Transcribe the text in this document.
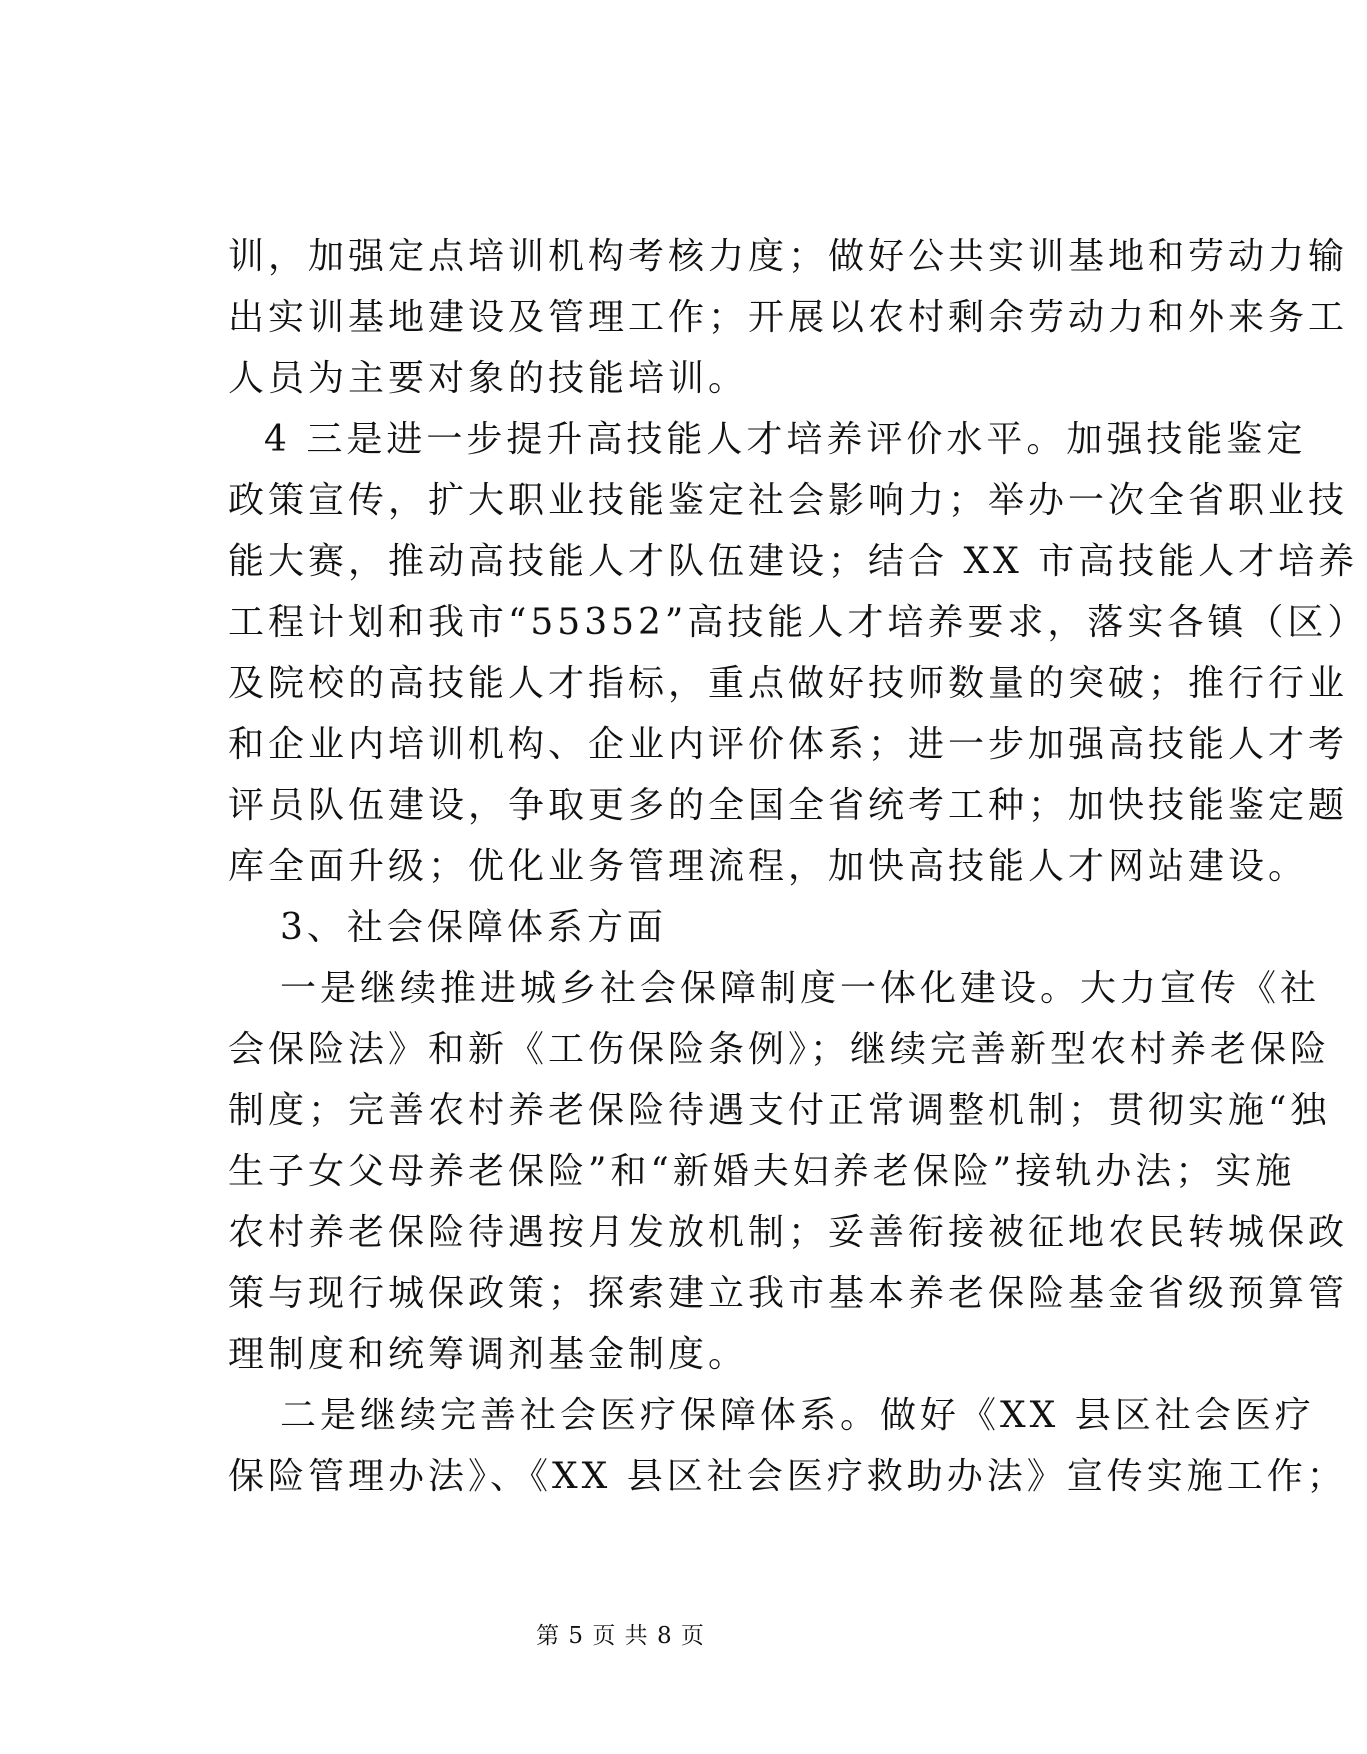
训，加强定点培训机构考核力度；做好公共实训基地和劳动力输
出实训基地建设及管理工作；开展以农村剩余劳动力和外来务工
人员为主要对象的技能培训。
4 三是进一步提升高技能人才培养评价水平。加强技能鉴定
政策宣传，扩大职业技能鉴定社会影响力；举办一次全省职业技
能大赛，推动高技能人才队伍建设；结合 XX 市高技能人才培养
工程计划和我市“55352”高技能人才培养要求，落实各镇（区）
及院校的高技能人才指标，重点做好技师数量的突破；推行行业
和企业内培训机构、企业内评价体系；进一步加强高技能人才考
评员队伍建设，争取更多的全国全省统考工种；加快技能鉴定题
库全面升级；优化业务管理流程，加快高技能人才网站建设。
3、社会保障体系方面
一是继续推进城乡社会保障制度一体化建设。大力宣传《社
会保险法》和新《工伤保险条例》；继续完善新型农村养老保险
制度；完善农村养老保险待遇支付正常调整机制；贯彻实施“独
生子女父母养老保险”和“新婚夫妇养老保险”接轨办法；实施
农村养老保险待遇按月发放机制；妥善衔接被征地农民转城保政
策与现行城保政策；探索建立我市基本养老保险基金省级预算管
理制度和统筹调剂基金制度。
二是继续完善社会医疗保障体系。做好《XX 县区社会医疗
保险管理办法》、《XX 县区社会医疗救助办法》宣传实施工作；
第 5 页 共 8 页
